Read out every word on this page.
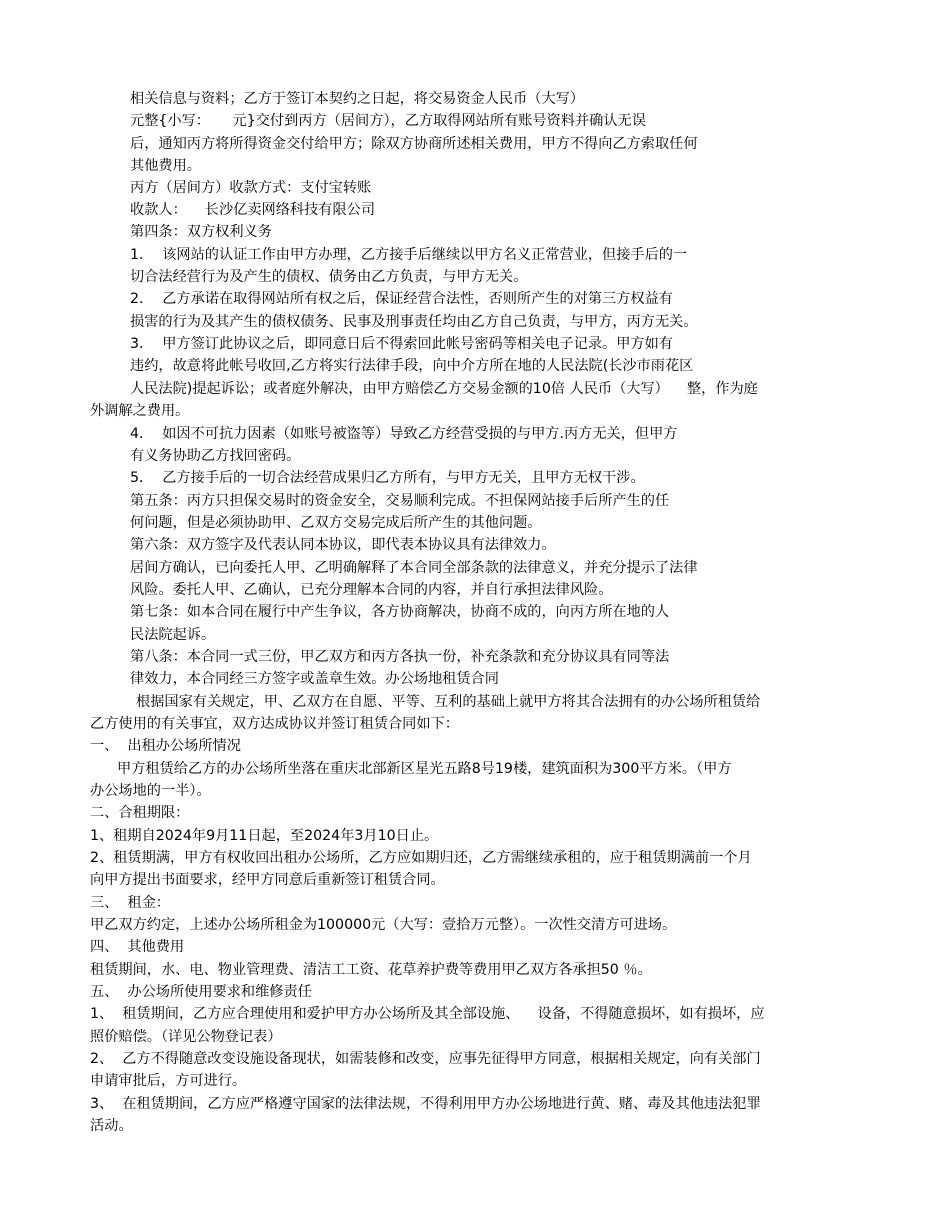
相关信息与资料；乙方于签订本契约之日起，将交易资金人民币（大写）
元整{小写：     元}交付到丙方（居间方），乙方取得网站所有账号资料并确认无误
后，通知丙方将所得资金交付给甲方；除双方协商所述相关费用，甲方不得向乙方索取任何
其他费用。
丙方（居间方）收款方式：支付宝转账
收款人：    长沙亿卖网络科技有限公司
第四条：双方权利义务
1．  该网站的认证工作由甲方办理，乙方接手后继续以甲方名义正常营业，但接手后的一
切合法经营行为及产生的债权、债务由乙方负责，与甲方无关。
2．  乙方承诺在取得网站所有权之后，保证经营合法性，否则所产生的对第三方权益有
损害的行为及其产生的债权债务、民事及刑事责任均由乙方自己负责，与甲方，丙方无关。
3．  甲方签订此协议之后，即同意日后不得索回此帐号密码等相关电子记录。甲方如有
违约，故意将此帐号收回,乙方将实行法律手段，向中介方所在地的人民法院(长沙市雨花区
人民法院)提起诉讼；或者庭外解决，由甲方赔偿乙方交易金额的10倍 人民币（大写）    整，作为庭
外调解之费用。
4．  如因不可抗力因素（如账号被盗等）导致乙方经营受损的与甲方.丙方无关，但甲方
有义务协助乙方找回密码。
5．  乙方接手后的一切合法经营成果归乙方所有，与甲方无关，且甲方无权干涉。
第五条：丙方只担保交易时的资金安全，交易顺利完成。不担保网站接手后所产生的任
何问题，但是必须协助甲、乙双方交易完成后所产生的其他问题。
第六条：双方签字及代表认同本协议，即代表本协议具有法律效力。
居间方确认，已向委托人甲、乙明确解释了本合同全部条款的法律意义，并充分提示了法律
风险。委托人甲、乙确认，已充分理解本合同的内容，并自行承担法律风险。
第七条：如本合同在履行中产生争议，各方协商解决，协商不成的，向丙方所在地的人
民法院起诉。
第八条：本合同一式三份，甲乙双方和丙方各执一份，补充条款和充分协议具有同等法
律效力，本合同经三方签字或盖章生效。办公场地租赁合同
根据国家有关规定，甲、乙双方在自愿、平等、互利的基础上就甲方将其合法拥有的办公场所租赁给
乙方使用的有关事宜，双方达成协议并签订租赁合同如下：
一、  出租办公场所情况
甲方租赁给乙方的办公场所坐落在重庆北部新区星光五路8号19楼，建筑面积为300平方米。（甲方
办公场地的一半）。
二、合租期限：
1、租期自2024年9月11日起，至2024年3月10日止。
2、租赁期满，甲方有权收回出租办公场所，乙方应如期归还，乙方需继续承租的，应于租赁期满前一个月
向甲方提出书面要求，经甲方同意后重新签订租赁合同。
三、  租金：
甲乙双方约定，上述办公场所租金为100000元（大写：壹拾万元整）。一次性交清方可进场。
四、  其他费用
租赁期间，水、电、物业管理费、清洁工工资、花草养护费等费用甲乙双方各承担50 ％。
五、  办公场所使用要求和维修责任
1、  租赁期间，乙方应合理使用和爱护甲方办公场所及其全部设施、    设备，不得随意损坏，如有损坏，应
照价赔偿。（详见公物登记表）
2、  乙方不得随意改变设施设备现状，如需装修和改变，应事先征得甲方同意，根据相关规定，向有关部门
申请审批后，方可进行。
3、  在租赁期间，乙方应严格遵守国家的法律法规，不得利用甲方办公场地进行黄、赌、毒及其他违法犯罪
活动。
